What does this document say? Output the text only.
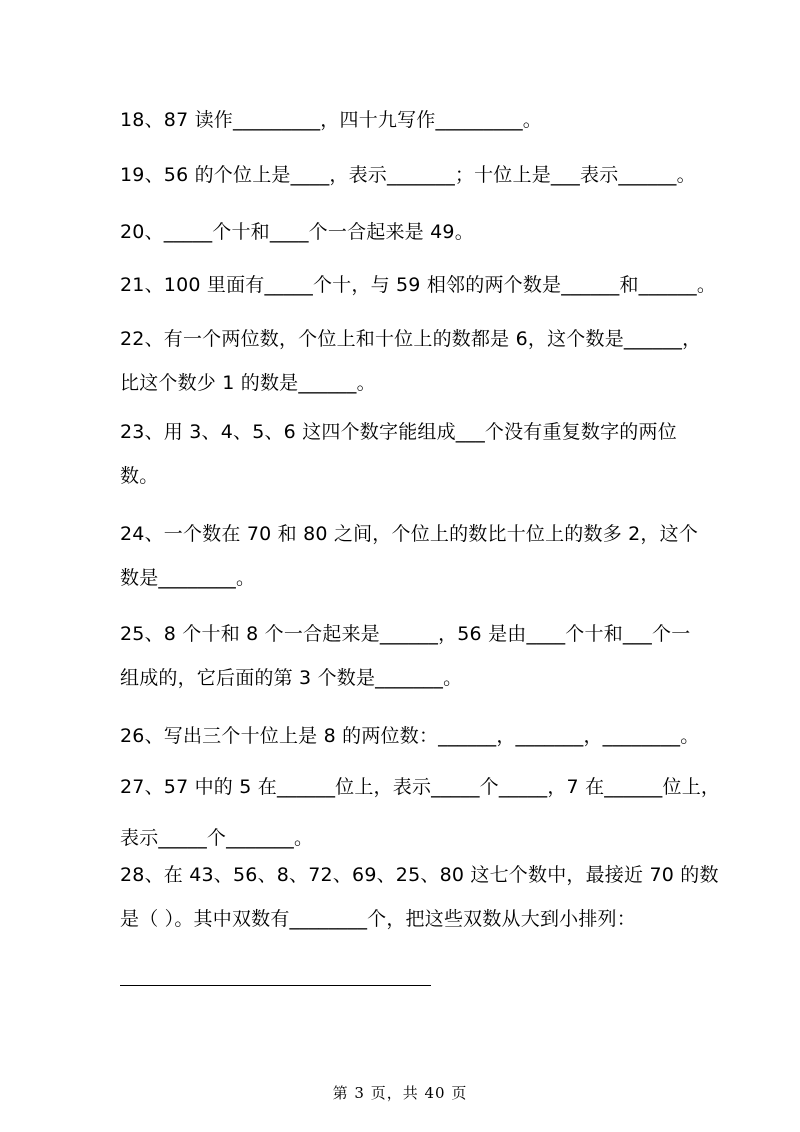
18、87 读作_________，四十九写作_________。
19、56 的个位上是____，表示_______；十位上是___表示______。
20、_____个十和____个一合起来是 49。
21、100 里面有_____个十，与 59 相邻的两个数是______和______。
22、有一个两位数，个位上和十位上的数都是 6，这个数是______，
比这个数少 1 的数是______。
23、用 3、4、5、6 这四个数字能组成___个没有重复数字的两位
数。
24、一个数在 70 和 80 之间，个位上的数比十位上的数多 2，这个
数是________。
25、8 个十和 8 个一合起来是______，56 是由____个十和___个一
组成的，它后面的第 3 个数是_______。
26、写出三个十位上是 8 的两位数：______，_______，________。
27、57 中的 5 在______位上，表示_____个_____，7 在______位上，
表示_____个_______。
28、在 43、56、8、72、69、25、80 这七个数中，最接近 70 的数
是（ ）。其中双数有________个，把这些双数从大到小排列：
第 3 页，共 40 页
